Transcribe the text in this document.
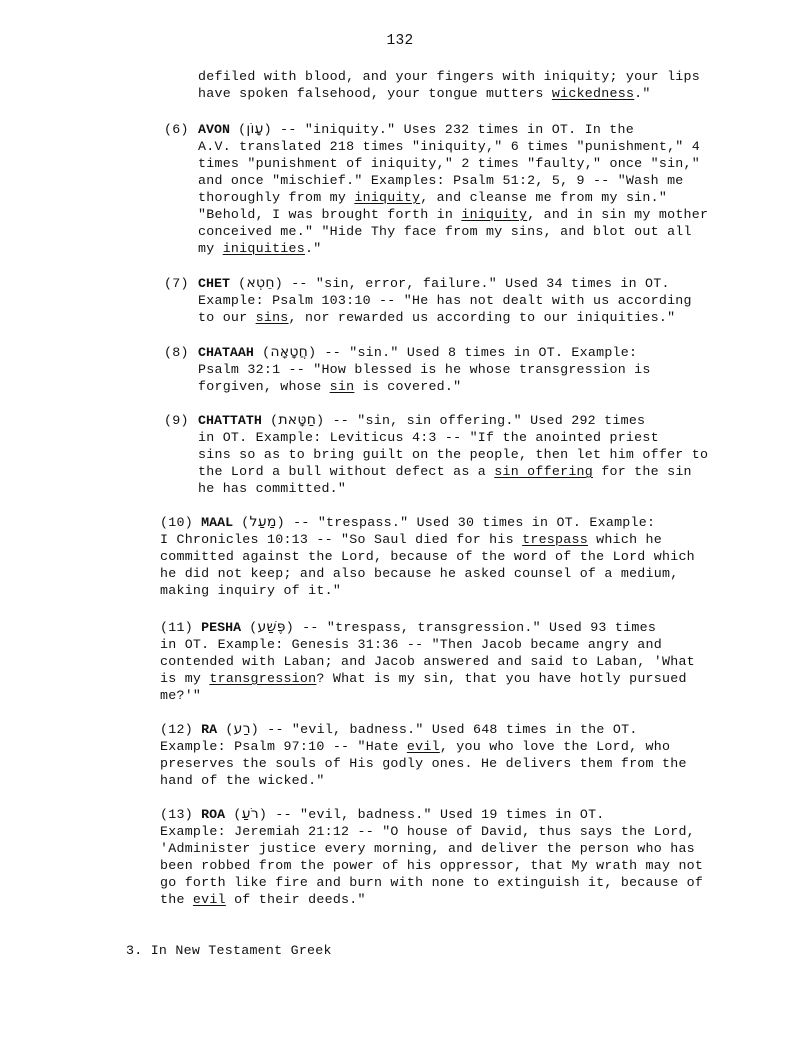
132
defiled with blood, and your fingers with iniquity; your lips
have spoken falsehood, your tongue mutters wickedness."
(6) AVON (עָוֹן) -- "iniquity." Uses 232 times in OT. In the
A.V. translated 218 times "iniquity," 6 times "punishment," 4
times "punishment of iniquity," 2 times "faulty," once "sin,"
and once "mischief." Examples: Psalm 51:2, 5, 9 -- "Wash me
thoroughly from my iniquity, and cleanse me from my sin."
"Behold, I was brought forth in iniquity, and in sin my mother
conceived me." "Hide Thy face from my sins, and blot out all
my iniquities."
(7) CHET (חֵטְא) -- "sin, error, failure." Used 34 times in OT.
Example: Psalm 103:10 -- "He has not dealt with us according
to our sins, nor rewarded us according to our iniquities."
(8) CHATAAH (חֲטָאָה) -- "sin." Used 8 times in OT. Example:
Psalm 32:1 -- "How blessed is he whose transgression is
forgiven, whose sin is covered."
(9) CHATTATH (חַטָּאת) -- "sin, sin offering." Used 292 times
in OT. Example: Leviticus 4:3 -- "If the anointed priest
sins so as to bring guilt on the people, then let him offer to
the Lord a bull without defect as a sin offering for the sin
he has committed."
(10) MAAL (מַעַל) -- "trespass." Used 30 times in OT. Example:
I Chronicles 10:13 -- "So Saul died for his trespass which he
committed against the Lord, because of the word of the Lord which
he did not keep; and also because he asked counsel of a medium,
making inquiry of it."
(11) PESHA (פֶּשַׁע) -- "trespass, transgression." Used 93 times
in OT. Example: Genesis 31:36 -- "Then Jacob became angry and
contended with Laban; and Jacob answered and said to Laban, 'What
is my transgression? What is my sin, that you have hotly pursued
me?'"
(12) RA (רַע) -- "evil, badness." Used 648 times in the OT.
Example: Psalm 97:10 -- "Hate evil, you who love the Lord, who
preserves the souls of His godly ones. He delivers them from the
hand of the wicked."
(13) ROA (רֹעַ) -- "evil, badness." Used 19 times in OT.
Example: Jeremiah 21:12 -- "O house of David, thus says the Lord,
'Administer justice every morning, and deliver the person who has
been robbed from the power of his oppressor, that My wrath may not
go forth like fire and burn with none to extinguish it, because of
the evil of their deeds."
3. In New Testament Greek
